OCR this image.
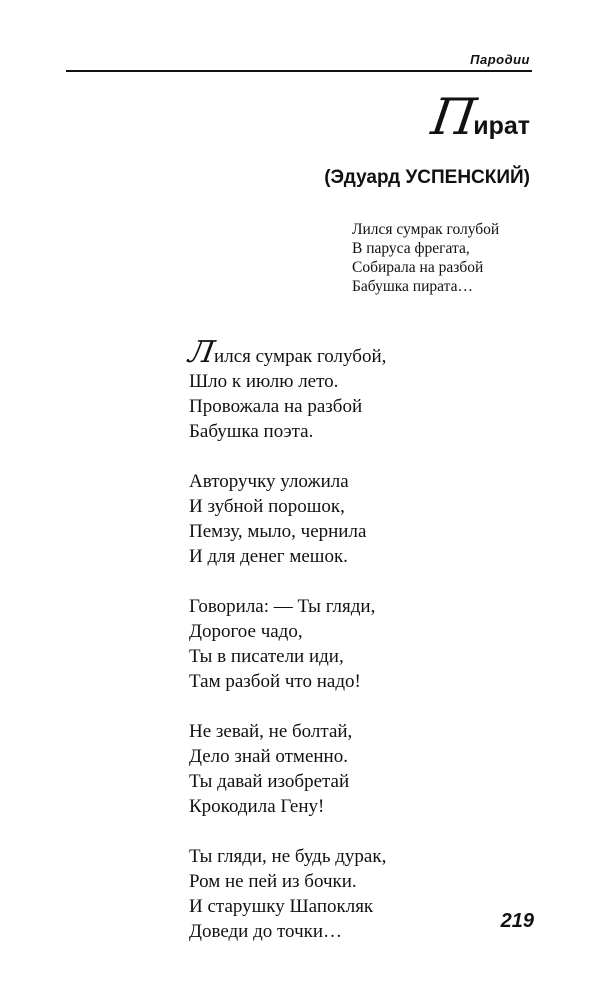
Пародии
П
ират
(Эдуард УСПЕНСКИЙ)
Лился сумрак голубой
В паруса фрегата,
Собирала на разбой
Бабушка пирата…
Лился сумрак голубой,
Шло к июлю лето.
Провожала на разбой
Бабушка поэта.
Авторучку уложила
И зубной порошок,
Пемзу, мыло, чернила
И для денег мешок.
Говорила: — Ты гляди,
Дорогое чадо,
Ты в писатели иди,
Там разбой что надо!
Не зевай, не болтай,
Дело знай отменно.
Ты давай изобретай
Крокодила Гену!
Ты гляди, не будь дурак,
Ром не пей из бочки.
И старушку Шапокляк
Доведи до точки…	219
